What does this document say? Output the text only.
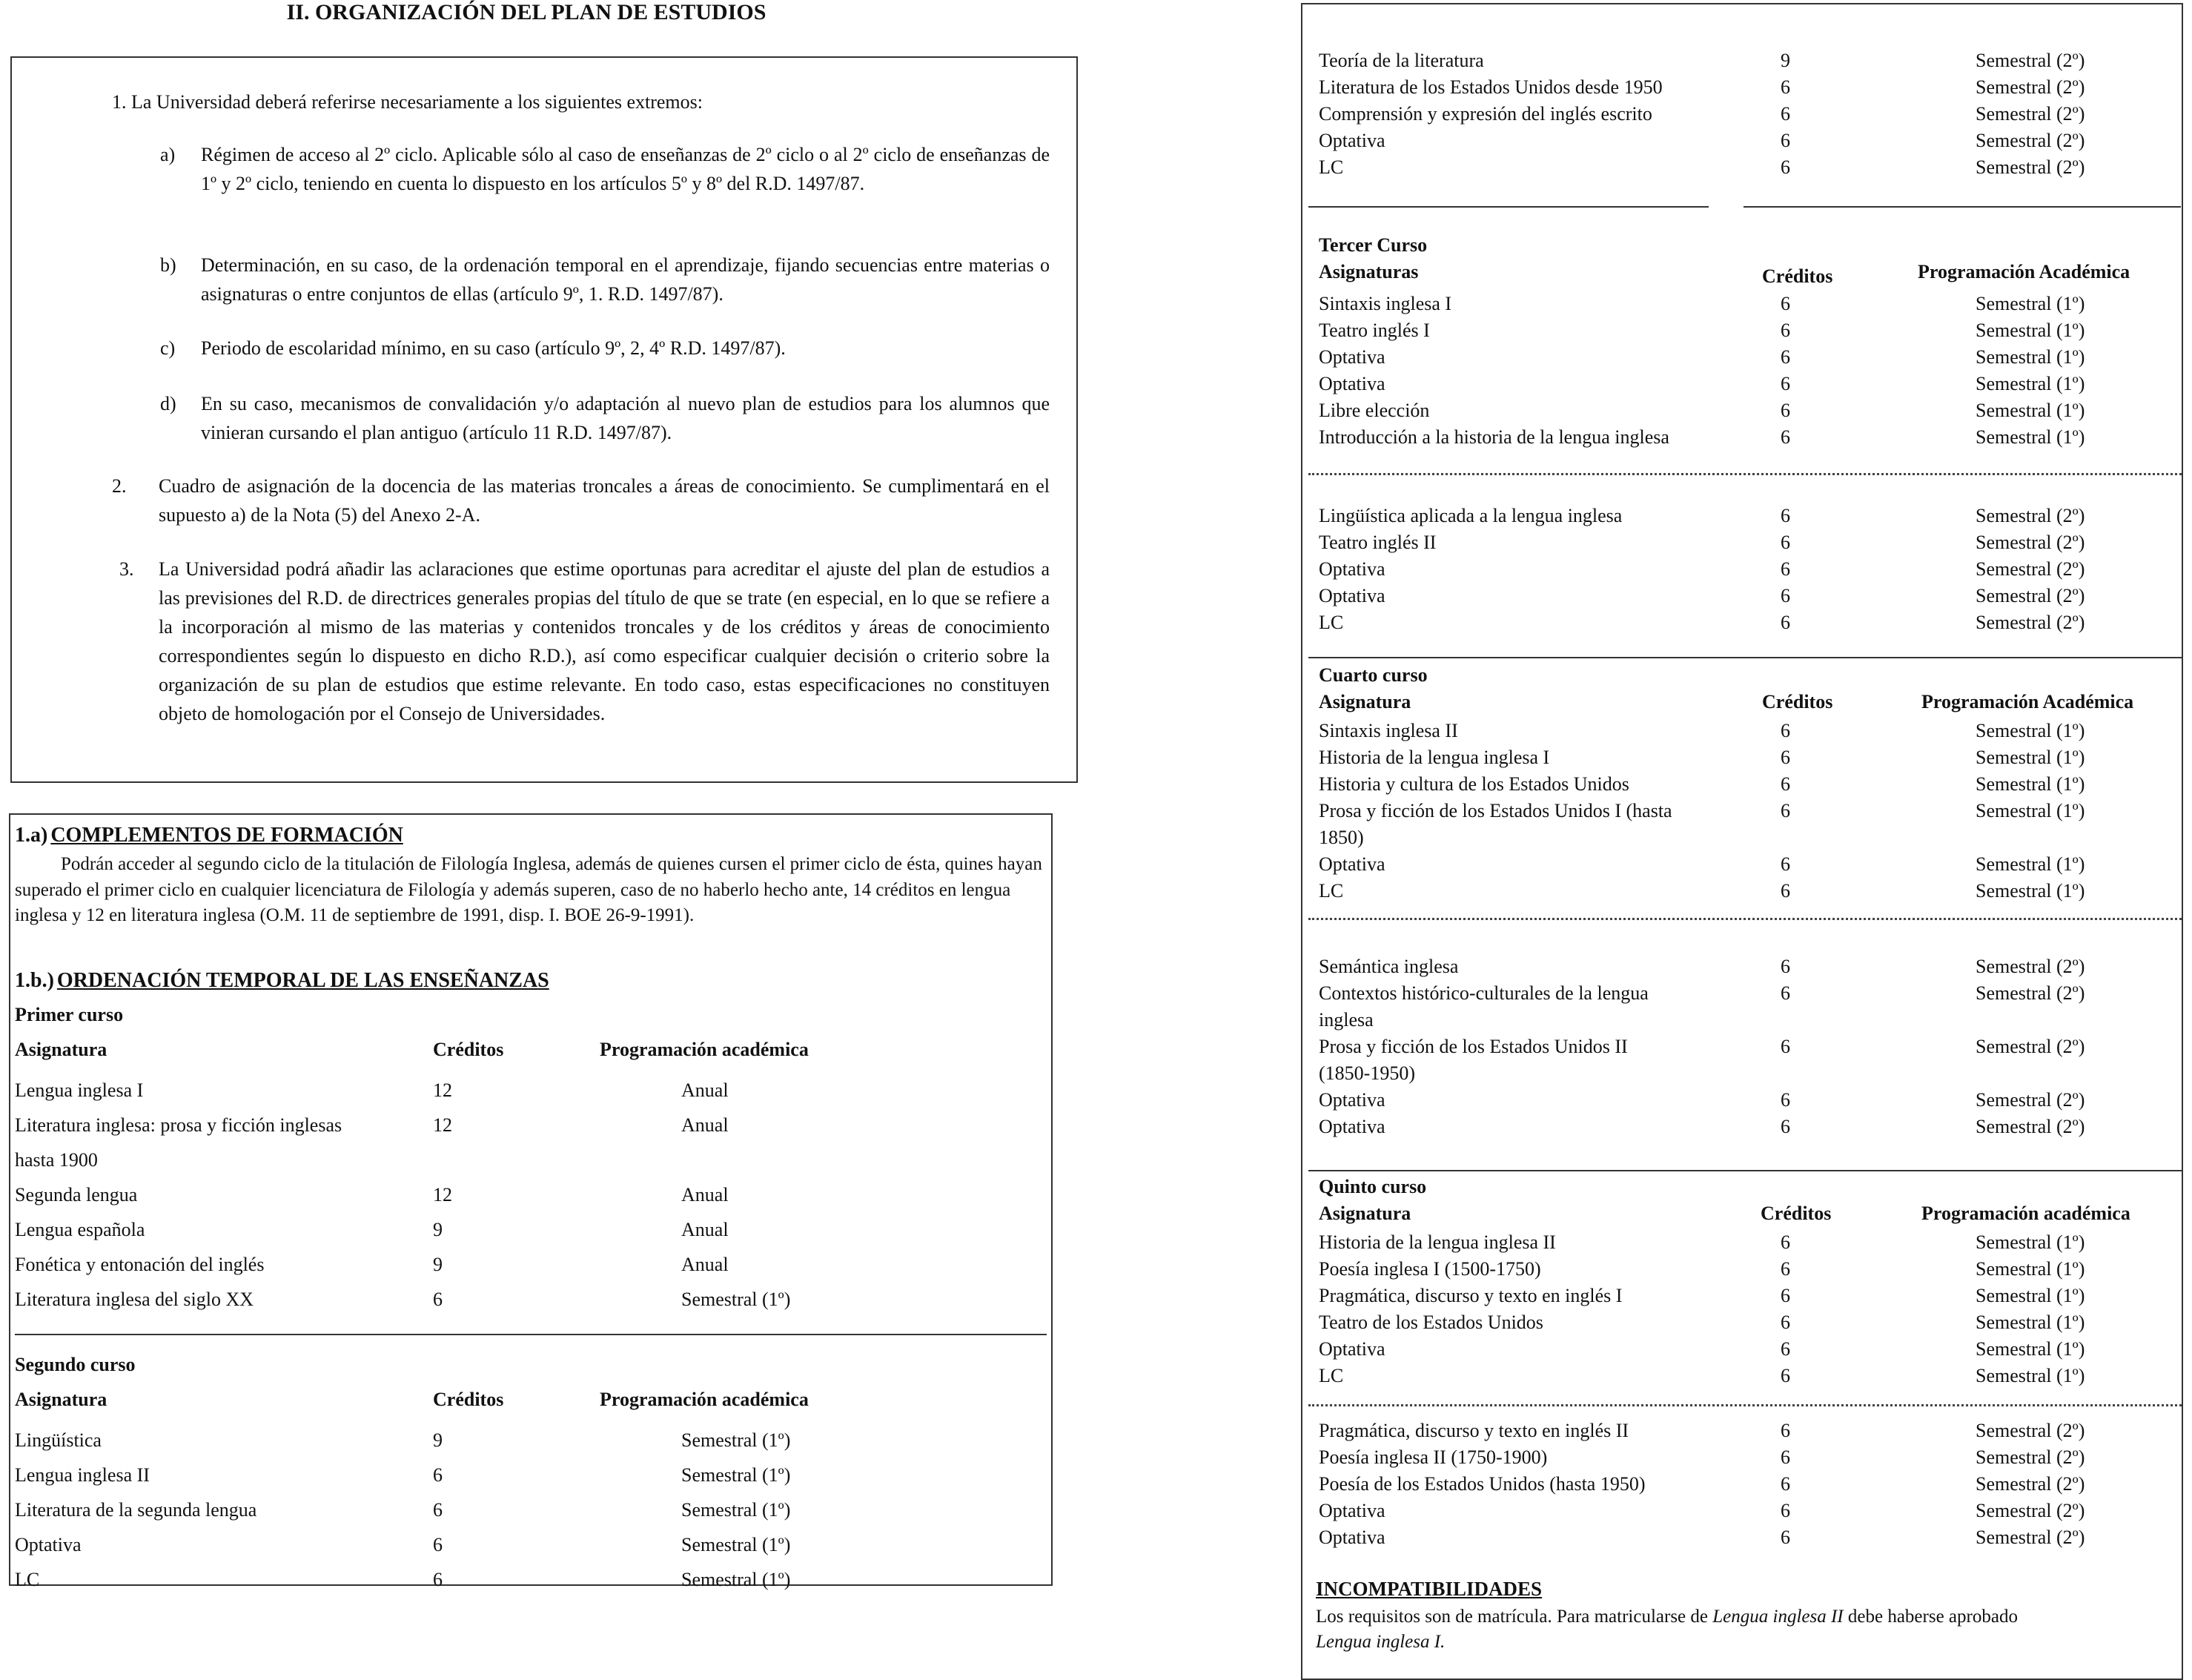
II. ORGANIZACIÓN DEL PLAN DE ESTUDIOS

1. La Universidad deberá referirse necesariamente a los siguientes extremos:

a) Régimen de acceso al 2º ciclo. Aplicable sólo al caso de enseñanzas de 2º ciclo o al 2º ciclo de enseñanzas de 1º y 2º ciclo, teniendo en cuenta lo dispuesto en los artículos 5º y 8º del R.D. 1497/87.

b) Determinación, en su caso, de la ordenación temporal en el aprendizaje, fijando secuencias entre materias o asignaturas o entre conjuntos de ellas (artículo 9º, 1. R.D. 1497/87).

c) Periodo de escolaridad mínimo, en su caso (artículo 9º, 2, 4º R.D. 1497/87).

d) En su caso, mecanismos de convalidación y/o adaptación al nuevo plan de estudios para los alumnos que vinieran cursando el plan antiguo (artículo 11 R.D. 1497/87).

2. Cuadro de asignación de la docencia de las materias troncales a áreas de conocimiento. Se cumplimentará en el supuesto a) de la Nota (5) del Anexo 2-A.

3. La Universidad podrá añadir las aclaraciones que estime oportunas para acreditar el ajuste del plan de estudios a las previsiones del R.D. de directrices generales propias del título de que se trate (en especial, en lo que se refiere a la incorporación al mismo de las materias y contenidos troncales y de los créditos y áreas de conocimiento correspondientes según lo dispuesto en dicho R.D.), así como especificar cualquier decisión o criterio sobre la organización de su plan de estudios que estime relevante. En todo caso, estas especificaciones no constituyen objeto de homologación por el Consejo de Universidades.

1.a) COMPLEMENTOS DE FORMACIÓN
Podrán acceder al segundo ciclo de la titulación de Filología Inglesa, además de quienes cursen el primer ciclo de ésta, quines hayan superado el primer ciclo en cualquier licenciatura de Filología y además superen, caso de no haberlo hecho ante, 14 créditos en lengua inglesa y 12 en literatura inglesa (O.M. 11 de septiembre de 1991, disp. I. BOE 26-9-1991).
1.b.) ORDENACIÓN TEMPORAL DE LAS ENSEÑANZAS
Primer curso
Asignatura	Créditos	Programación académica
Lengua inglesa I	12	Anual
Literatura inglesa: prosa y ficción inglesas
hasta 1900
12	Anual
Segunda lengua	12	Anual
Lengua española	9	Anual
Fonética y entonación del inglés	9	Anual
Literatura inglesa del siglo XX	6	Semestral (1º)
Segundo curso
Asignatura	Créditos	Programación académica
Lingüística	9	Semestral (1º)
Lengua inglesa II	6	Semestral (1º)
Literatura de la segunda lengua	6	Semestral (1º)
Optativa	6	Semestral (1º)
LC	6	Semestral (1º)
Teoría de la literatura	9	Semestral (2º)
Literatura de los Estados Unidos desde 1950	6	Semestral (2º)
Comprensión y expresión del inglés escrito	6	Semestral (2º)
Optativa	6	Semestral (2º)
LC	6	Semestral (2º)
Tercer Curso
Asignaturas	Créditos	Programación Académica
Sintaxis inglesa I	6	Semestral (1º)
Teatro inglés I	6	Semestral (1º)
Optativa	6	Semestral (1º)
Optativa	6	Semestral (1º)
Libre elección	6	Semestral (1º)
Introducción a la historia de la lengua inglesa	6	Semestral (1º)
Lingüística aplicada a la lengua inglesa	6	Semestral (2º)
Teatro inglés II	6	Semestral (2º)
Optativa	6	Semestral (2º)
Optativa	6	Semestral (2º)
LC	6	Semestral (2º)
Cuarto curso
Asignatura	Créditos	Programación Académica
Sintaxis inglesa II	6	Semestral (1º)
Historia de la lengua inglesa I	6	Semestral (1º)
Historia y cultura de los Estados Unidos	6	Semestral (1º)
Prosa y ficción de los Estados Unidos I (hasta
1850)
6	Semestral (1º)
Optativa	6	Semestral (1º)
LC	6	Semestral (1º)
Semántica inglesa	6	Semestral (2º)
Contextos histórico-culturales de la lengua
inglesa
6	Semestral (2º)
Prosa y ficción de los Estados Unidos II
(1850-1950)
6	Semestral (2º)
Optativa	6	Semestral (2º)
Optativa	6	Semestral (2º)
Quinto curso
Asignatura	Créditos	Programación académica
Historia de la lengua inglesa II	6	Semestral (1º)
Poesía inglesa I (1500-1750)	6	Semestral (1º)
Pragmática, discurso y texto en inglés I	6	Semestral (1º)
Teatro de los Estados Unidos	6	Semestral (1º)
Optativa	6	Semestral (1º)
LC	6	Semestral (1º)
Pragmática, discurso y texto en inglés II	6	Semestral (2º)
Poesía inglesa II (1750-1900)	6	Semestral (2º)
Poesía de los Estados Unidos (hasta 1950)	6	Semestral (2º)
Optativa	6	Semestral (2º)
Optativa	6	Semestral (2º)
INCOMPATIBILIDADES
Los requisitos son de matrícula. Para matricularse de Lengua inglesa II debe haberse aprobado
Lengua inglesa I.
